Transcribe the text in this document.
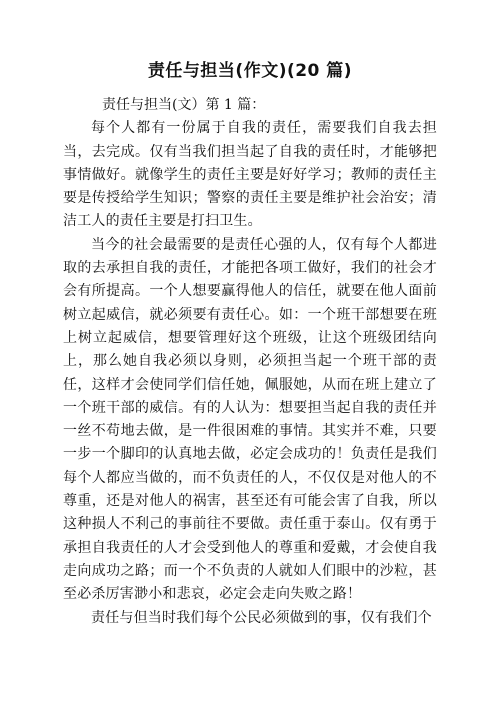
责任与担当(作文)(20 篇)

责任与担当(文）第 1 篇：

每个人都有一份属于自我的责任，需要我们自我去担当，去完成。仅有当我们担当起了自我的责任时，才能够把事情做好。就像学生的责任主要是好好学习；教师的责任主要是传授给学生知识；警察的责任主要是维护社会治安；清洁工人的责任主要是打扫卫生。

当今的社会最需要的是责任心强的人，仅有每个人都进取的去承担自我的责任，才能把各项工做好，我们的社会才会有所提高。一个人想要赢得他人的信任，就要在他人面前树立起威信，就必须要有责任心。如：一个班干部想要在班上树立起威信，想要管理好这个班级，让这个班级团结向上，那么她自我必须以身则，必须担当起一个班干部的责任，这样才会使同学们信任她，佩服她，从而在班上建立了一个班干部的威信。有的人认为：想要担当起自我的责任并一丝不苟地去做，是一件很困难的事情。其实并不难，只要一步一个脚印的认真地去做，必定会成功的！负责任是我们每个人都应当做的，而不负责任的人，不仅仅是对他人的不尊重，还是对他人的祸害，甚至还有可能会害了自我，所以这种损人不利己的事前往不要做。责任重于泰山。仅有勇于承担自我责任的人才会受到他人的尊重和爱戴，才会使自我走向成功之路；而一个不负责的人就如人们眼中的沙粒，甚至必杀厉害渺小和悲哀，必定会走向失败之路！

责任与但当时我们每个公民必须做到的事，仅有我们个
